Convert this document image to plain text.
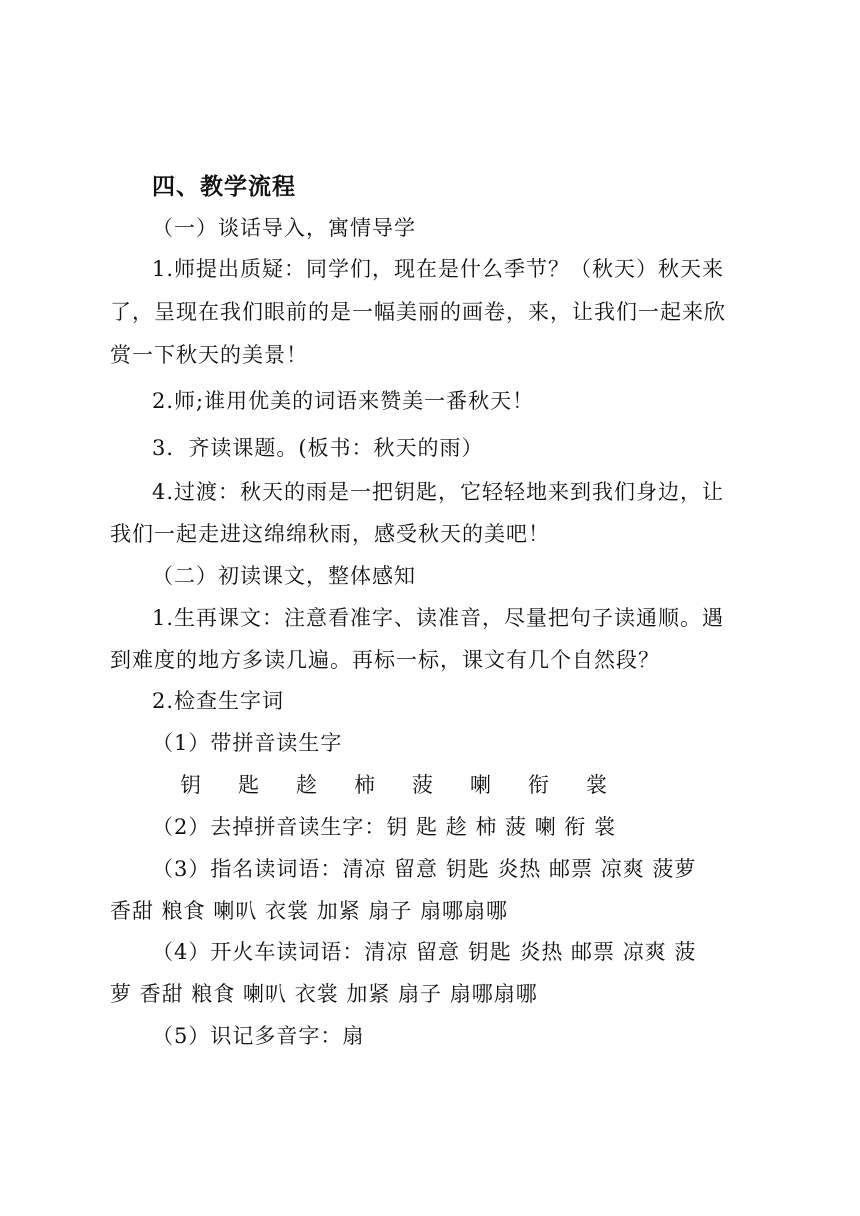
四、教学流程
（一）谈话导入，寓情导学
1.师提出质疑：同学们，现在是什么季节？（秋天）秋天来
了，呈现在我们眼前的是一幅美丽的画卷，来，让我们一起来欣
赏一下秋天的美景！
2.师;谁用优美的词语来赞美一番秋天！
3．齐读课题。(板书：秋天的雨）
4.过渡：秋天的雨是一把钥匙，它轻轻地来到我们身边，让
我们一起走进这绵绵秋雨，感受秋天的美吧！
（二）初读课文，整体感知
1.生再课文：注意看准字、读准音，尽量把句子读通顺。遇
到难度的地方多读几遍。再标一标，课文有几个自然段？
2.检查生字词
（1）带拼音读生字
钥 匙 趁 柿 菠 喇 衔 裳
（2）去掉拼音读生字：钥 匙 趁 柿 菠 喇 衔 裳
（3）指名读词语：清凉 留意 钥匙 炎热 邮票 凉爽 菠萝
香甜 粮食 喇叭 衣裳 加紧 扇子 扇哪扇哪
（4）开火车读词语：清凉 留意 钥匙 炎热 邮票 凉爽 菠
萝 香甜 粮食 喇叭 衣裳 加紧 扇子 扇哪扇哪
（5）识记多音字：扇
